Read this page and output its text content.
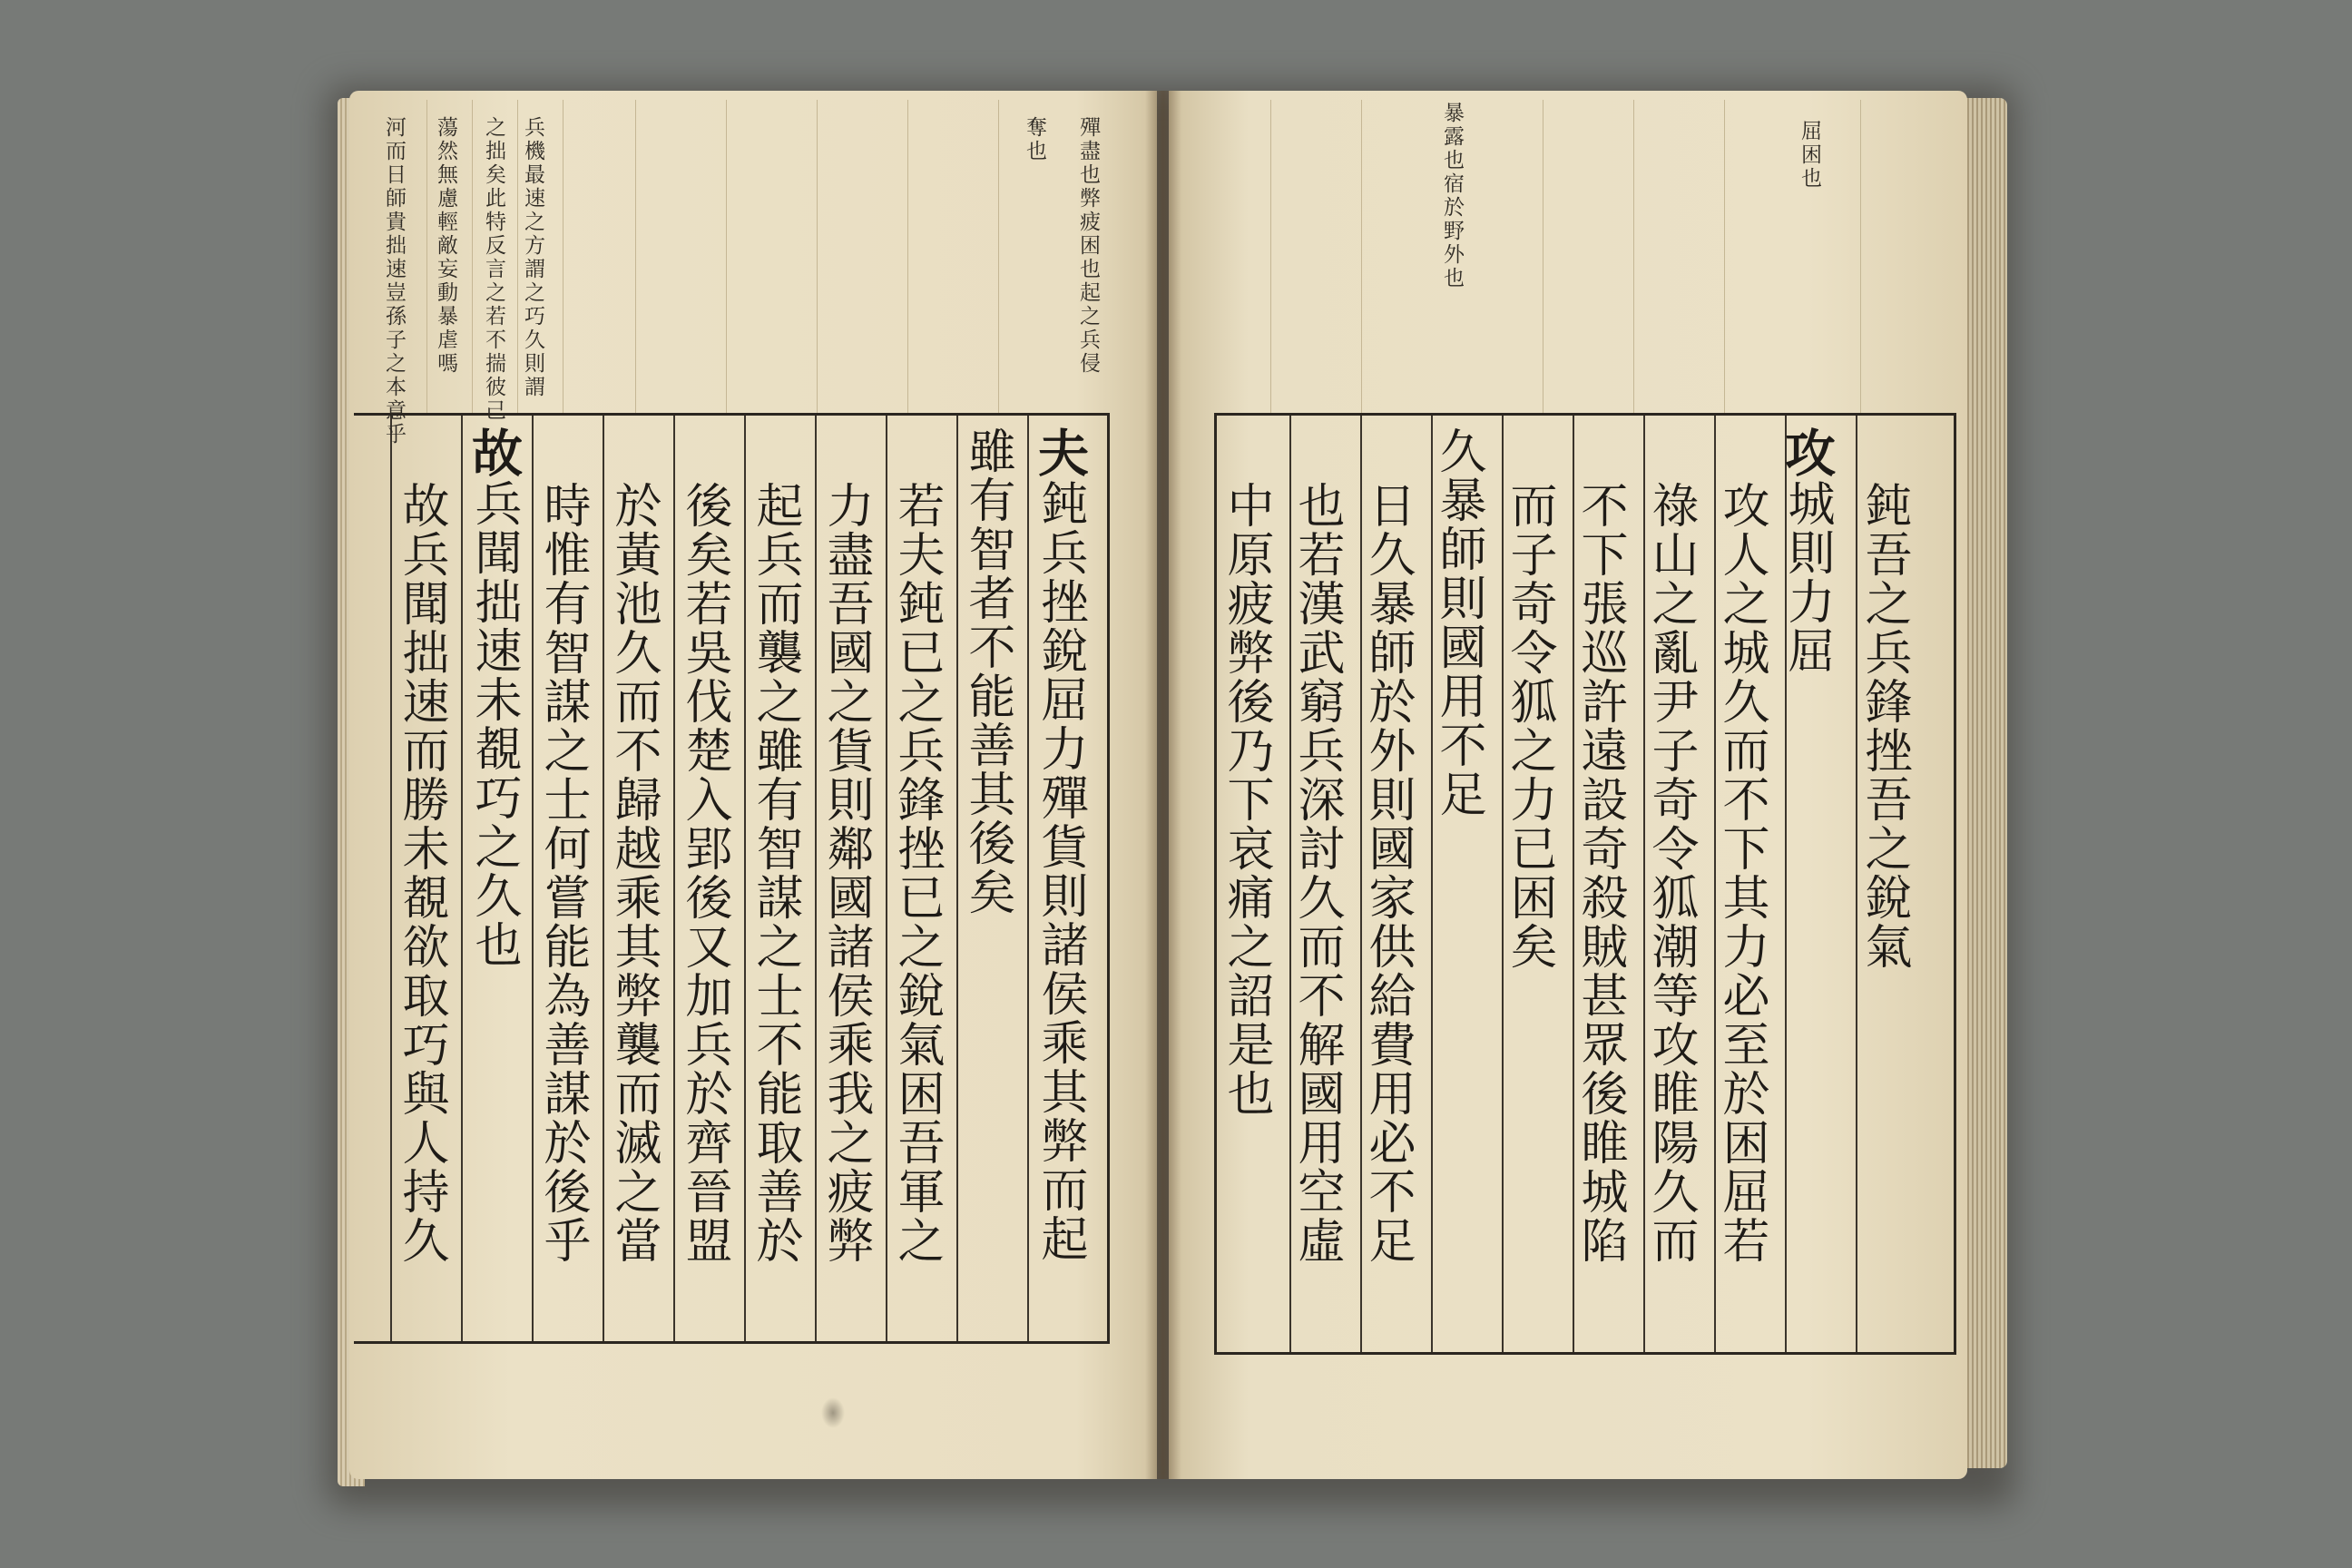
兵機最速之方謂之巧久則謂
之拙矣此特反言之若不揣彼己
蕩然無慮輕敵妄動暴虐嗎
河而日師貴拙速豈孫子之本意乎	殫盡也弊疲困也起之兵侵
奪也
夫鈍兵挫銳屈力殫貨則諸侯乘其弊而起
雖有智者不能善其後矣
若夫鈍已之兵鋒挫已之銳氣困吾軍之
力盡吾國之貨則鄰國諸侯乘我之疲弊
起兵而襲之雖有智謀之士不能取善於
後矣若吳伐楚入郢後又加兵於齊晉盟
於黃池久而不歸越乘其弊襲而滅之當
時惟有智謀之士何嘗能為善謀於後乎
故兵聞拙速未覩巧之久也
故兵聞拙速而勝未覩欲取巧與人持久
屈困也
暴露也宿於野外也
鈍吾之兵鋒挫吾之銳氣
攻城則力屈
攻人之城久而不下其力必至於困屈若
祿山之亂尹子奇令狐潮等攻睢陽久而
不下張巡許遠設奇殺賊甚眾後睢城陷
而子奇令狐之力已困矣
久暴師則國用不足
日久暴師於外則國家供給費用必不足
也若漢武窮兵深討久而不解國用空虛
中原疲弊後乃下哀痛之詔是也
